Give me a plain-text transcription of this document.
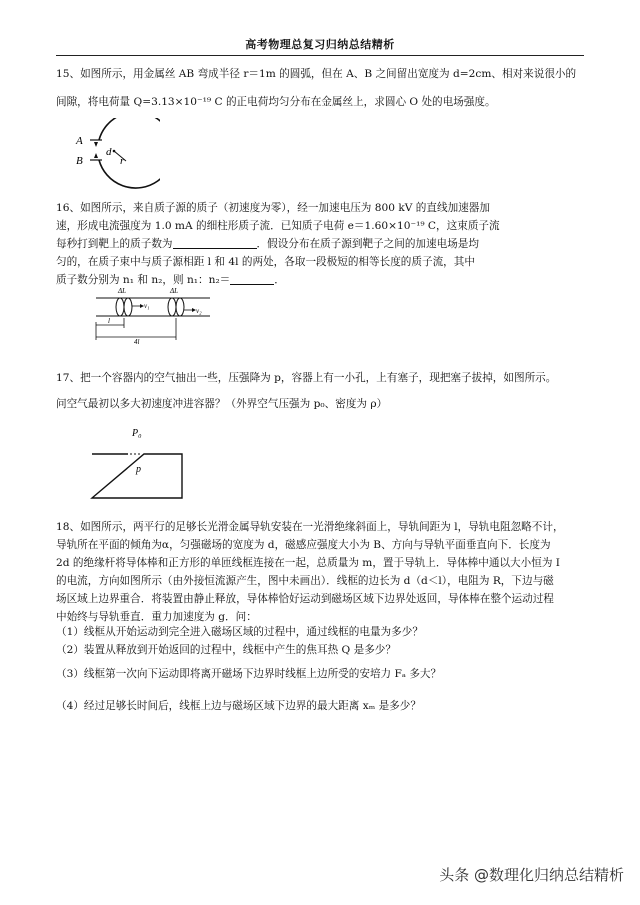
高考物理总复习归纳总结精析
15、如图所示，用金属丝 AB 弯成半径 r＝1m 的圆弧，但在 A、B 之间留出宽度为 d=2cm、相对来说很小的
间隙，将电荷量 Q=3.13×10⁻¹⁹ C 的正电荷均匀分布在金属丝上，求圆心 O 处的电场强度。
A
B
d
r
16、如图所示，来自质子源的质子（初速度为零），经一加速电压为 800 kV 的直线加速器加
速，形成电流强度为 1.0 mA 的细柱形质子流．已知质子电荷 e＝1.60×10⁻¹⁹ C，这束质子流
每秒打到靶上的质子数为	．假设分布在质子源到靶子之间的加速电场是均
匀的，在质子束中与质子源相距 l 和 4l 的两处，各取一段极短的相等长度的质子流，其中
质子数分别为 n₁ 和 n₂，则 n₁：n₂＝	．
ΔL	ΔL
v₁
v₂
l
4l
17、把一个容器内的空气抽出一些，压强降为 p，容器上有一小孔，上有塞子，现把塞子拔掉，如图所示。
问空气最初以多大初速度冲进容器？（外界空气压强为 p₀、密度为 ρ）
P₀
p
18、如图所示，两平行的足够长光滑金属导轨安装在一光滑绝缘斜面上，导轨间距为 l，导轨电阻忽略不计，
导轨所在平面的倾角为α，匀强磁场的宽度为 d，磁感应强度大小为 B、方向与导轨平面垂直向下．长度为
2d 的绝缘杆将导体棒和正方形的单匝线框连接在一起，总质量为 m，置于导轨上．导体棒中通以大小恒为 I
的电流，方向如图所示（由外接恒流源产生，图中未画出）．线框的边长为 d（d＜l），电阻为 R，下边与磁
场区域上边界重合．将装置由静止释放，导体棒恰好运动到磁场区域下边界处返回，导体棒在整个运动过程
中始终与导轨垂直．重力加速度为 g．问：
（1）线框从开始运动到完全进入磁场区域的过程中，通过线框的电量为多少？
（2）装置从释放到开始返回的过程中，线框中产生的焦耳热 Q 是多少？
（3）线框第一次向下运动即将离开磁场下边界时线框上边所受的安培力 Fₐ 多大？
（4）经过足够长时间后，线框上边与磁场区域下边界的最大距离 xₘ 是多少？
头条 @数理化归纳总结精析
